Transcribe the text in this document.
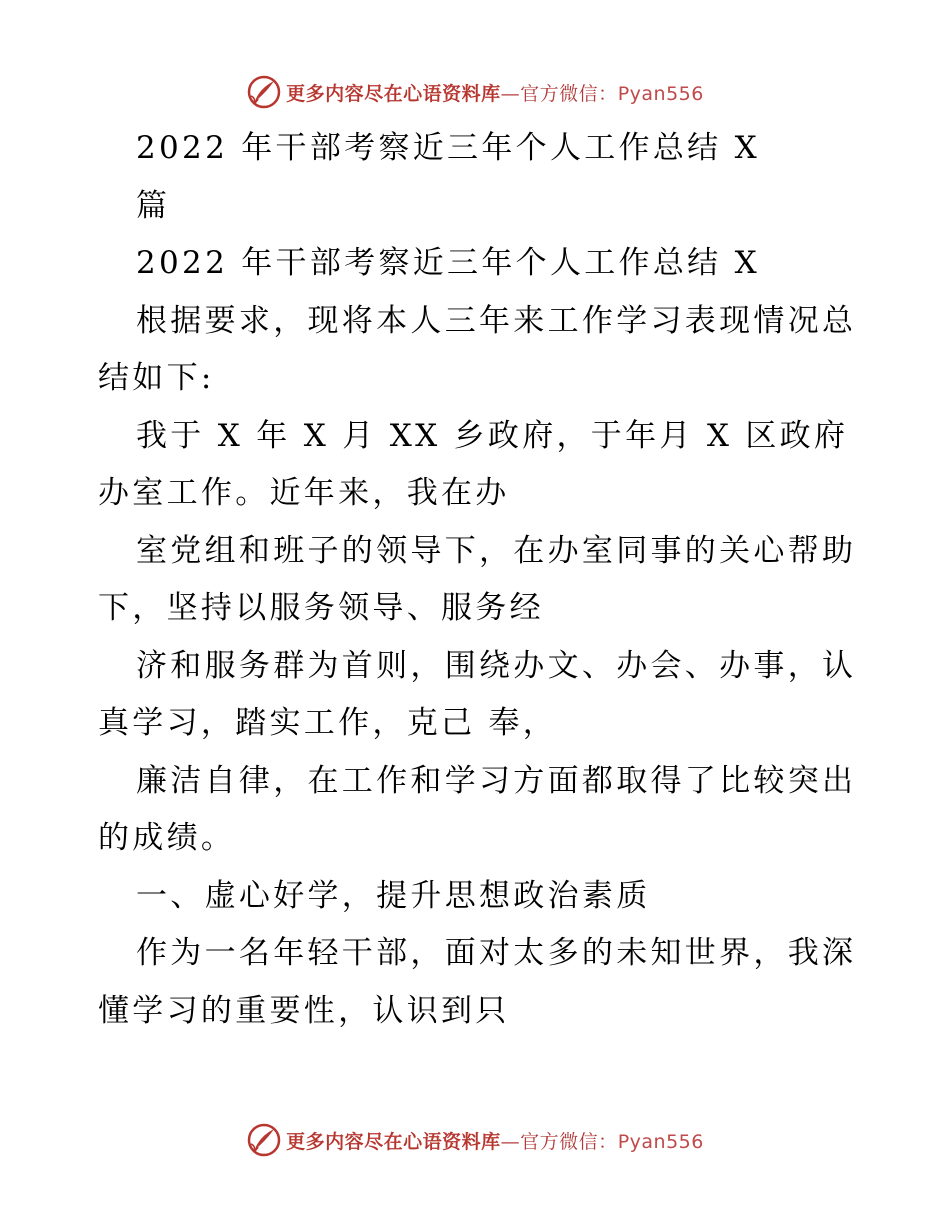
更多内容尽在心语资料库—官方微信：Pyan556
2022 年干部考察近三年个人工作总结 X
篇
2022 年干部考察近三年个人工作总结 X
根据要求，现将本人三年来工作学习表现情况总
结如下:
我于 X 年 X 月 XX 乡政府，于年月 X 区政府
办室工作。近年来，我在办
室党组和班子的领导下，在办室同事的关心帮助
下，坚持以服务领导、服务经
济和服务群为首则，围绕办文、办会、办事，认
真学习，踏实工作，克己 奉，
廉洁自律，在工作和学习方面都取得了比较突出
的成绩。
一、虚心好学，提升思想政治素质
作为一名年轻干部，面对太多的未知世界，我深
懂学习的重要性，认识到只
更多内容尽在心语资料库—官方微信：Pyan556
